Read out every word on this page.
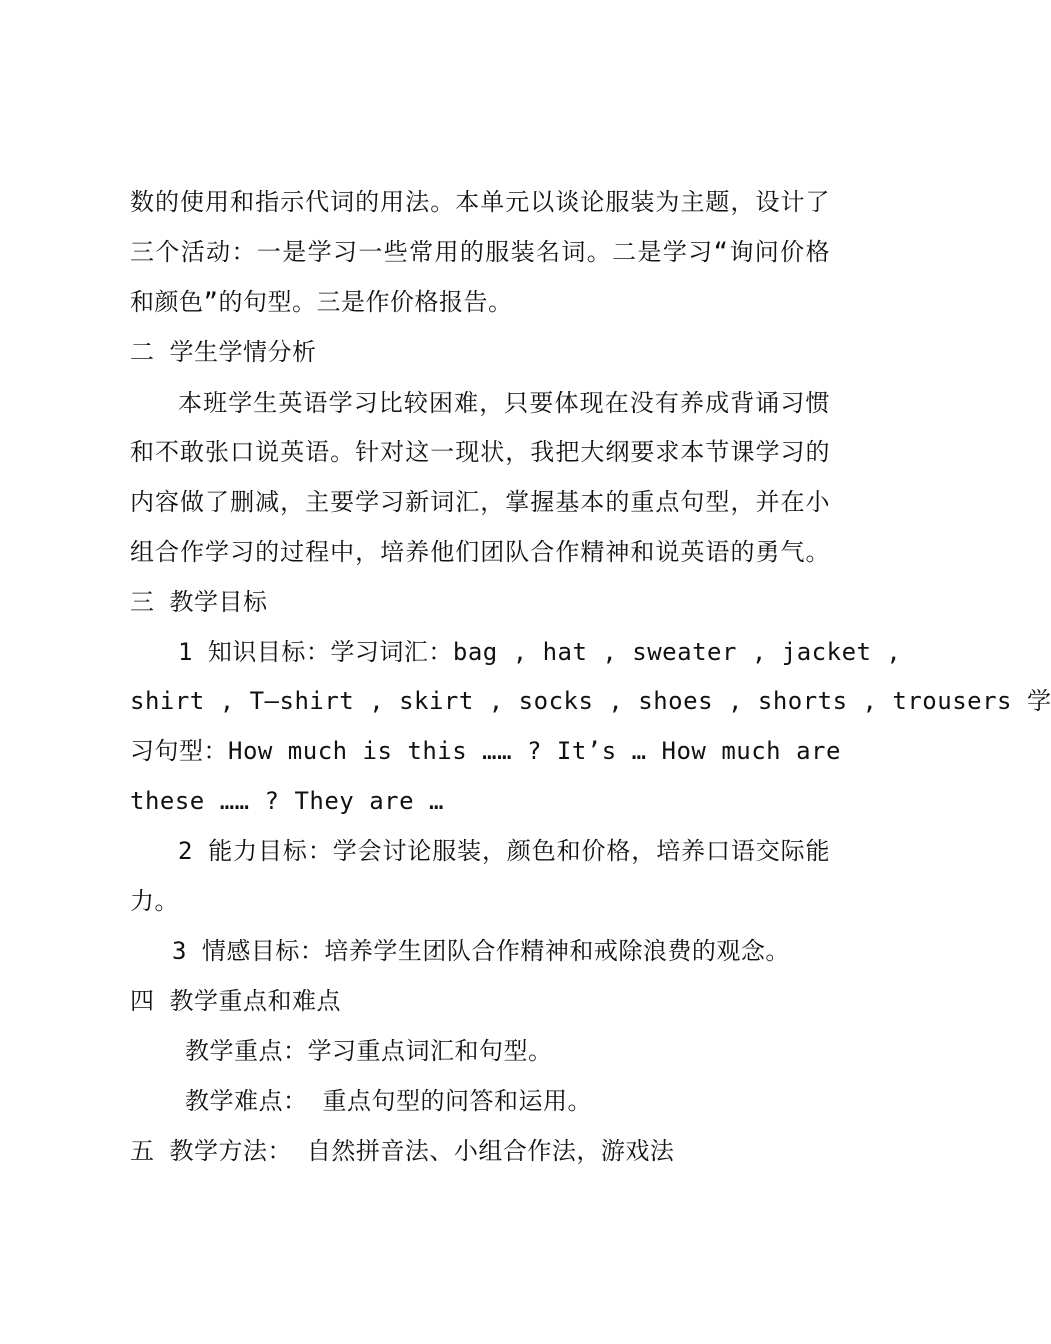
数的使用和指示代词的用法。本单元以谈论服装为主题，设计了
三个活动：一是学习一些常用的服装名词。二是学习“询问价格
和颜色”的句型。三是作价格报告。
二 学生学情分析
本班学生英语学习比较困难，只要体现在没有养成背诵习惯
和不敢张口说英语。针对这一现状，我把大纲要求本节课学习的
内容做了删减，主要学习新词汇，掌握基本的重点句型，并在小
组合作学习的过程中，培养他们团队合作精神和说英语的勇气。
三 教学目标
1 知识目标：学习词汇：bag , hat , sweater , jacket ,
shirt , T—shirt , skirt , socks , shoes , shorts , trousers 学
习句型：How much is this …… ? It’s … How much are
these …… ? They are …
2 能力目标：学会讨论服装，颜色和价格，培养口语交际能
力。
3 情感目标：培养学生团队合作精神和戒除浪费的观念。
四 教学重点和难点
教学重点：学习重点词汇和句型。
教学难点： 重点句型的问答和运用。
五 教学方法： 自然拼音法、小组合作法，游戏法
